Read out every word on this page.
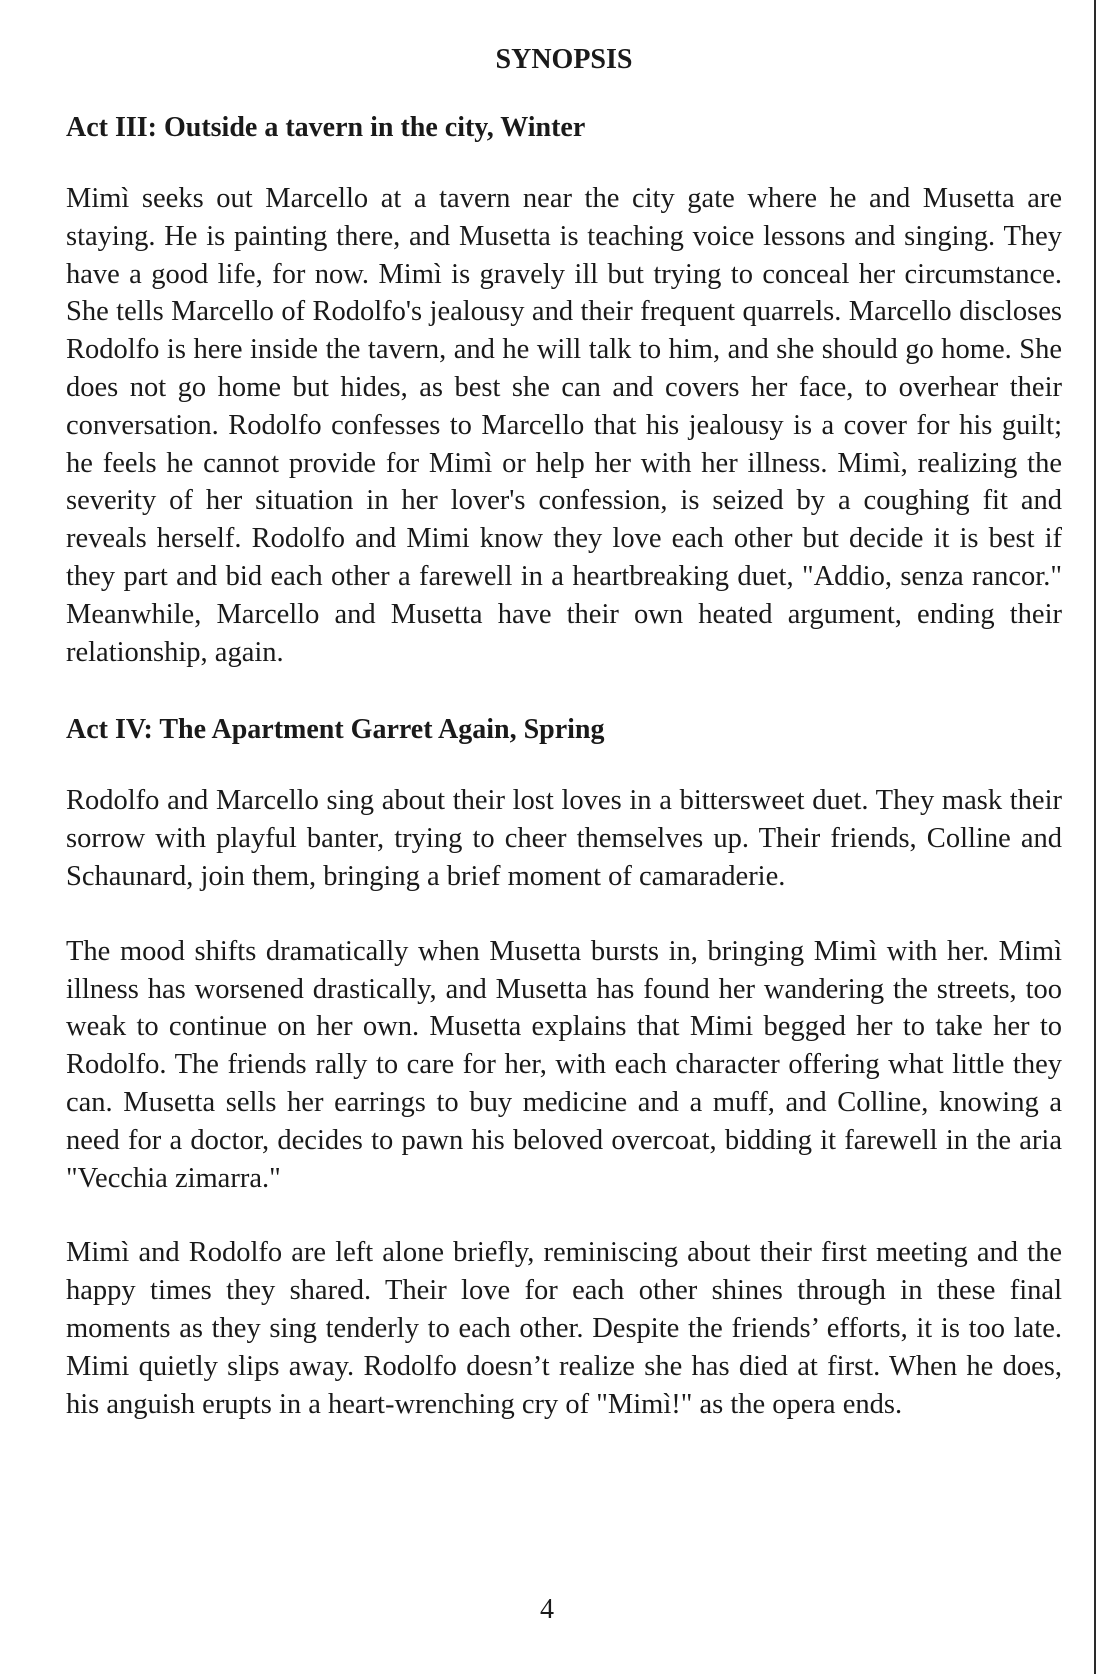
SYNOPSIS
Act III: Outside a tavern in the city, Winter

Mimì seeks out Marcello at a tavern near the city gate where he and Musetta are staying. He is painting there, and Musetta is teaching voice lessons and singing. They have a good life, for now. Mimì is gravely ill but trying to conceal her circumstance. She tells Marcello of Rodolfo's jealousy and their frequent quarrels. Marcello discloses Rodolfo is here inside the tavern, and he will talk to him, and she should go home. She does not go home but hides, as best she can and covers her face, to overhear their conversation. Rodolfo confesses to Marcello that his jealousy is a cover for his guilt; he feels he cannot provide for Mimì or help her with her illness. Mimì, realizing the severity of her situation in her lover's confession, is seized by a coughing fit and reveals herself. Rodolfo and Mimi know they love each other but decide it is best if they part and bid each other a farewell in a heartbreaking duet, "Addio, senza rancor." Meanwhile, Marcello and Musetta have their own heated argument, ending their relationship, again.

Act IV: The Apartment Garret Again, Spring

Rodolfo and Marcello sing about their lost loves in a bittersweet duet. They mask their sorrow with playful banter, trying to cheer themselves up. Their friends, Colline and Schaunard, join them, bringing a brief moment of camaraderie.

The mood shifts dramatically when Musetta bursts in, bringing Mimì with her. Mimì illness has worsened drastically, and Musetta has found her wandering the streets, too weak to continue on her own. Musetta explains that Mimi begged her to take her to Rodolfo. The friends rally to care for her, with each character offering what little they can. Musetta sells her earrings to buy medicine and a muff, and Colline, knowing a need for a doctor, decides to pawn his beloved overcoat, bidding it farewell in the aria "Vecchia zimarra."

Mimì and Rodolfo are left alone briefly, reminiscing about their first meeting and the happy times they shared. Their love for each other shines through in these final moments as they sing tenderly to each other. Despite the friends’ efforts, it is too late. Mimi quietly slips away. Rodolfo doesn’t realize she has died at first. When he does, his anguish erupts in a heart-wrenching cry of "Mimì!" as the opera ends.

4
